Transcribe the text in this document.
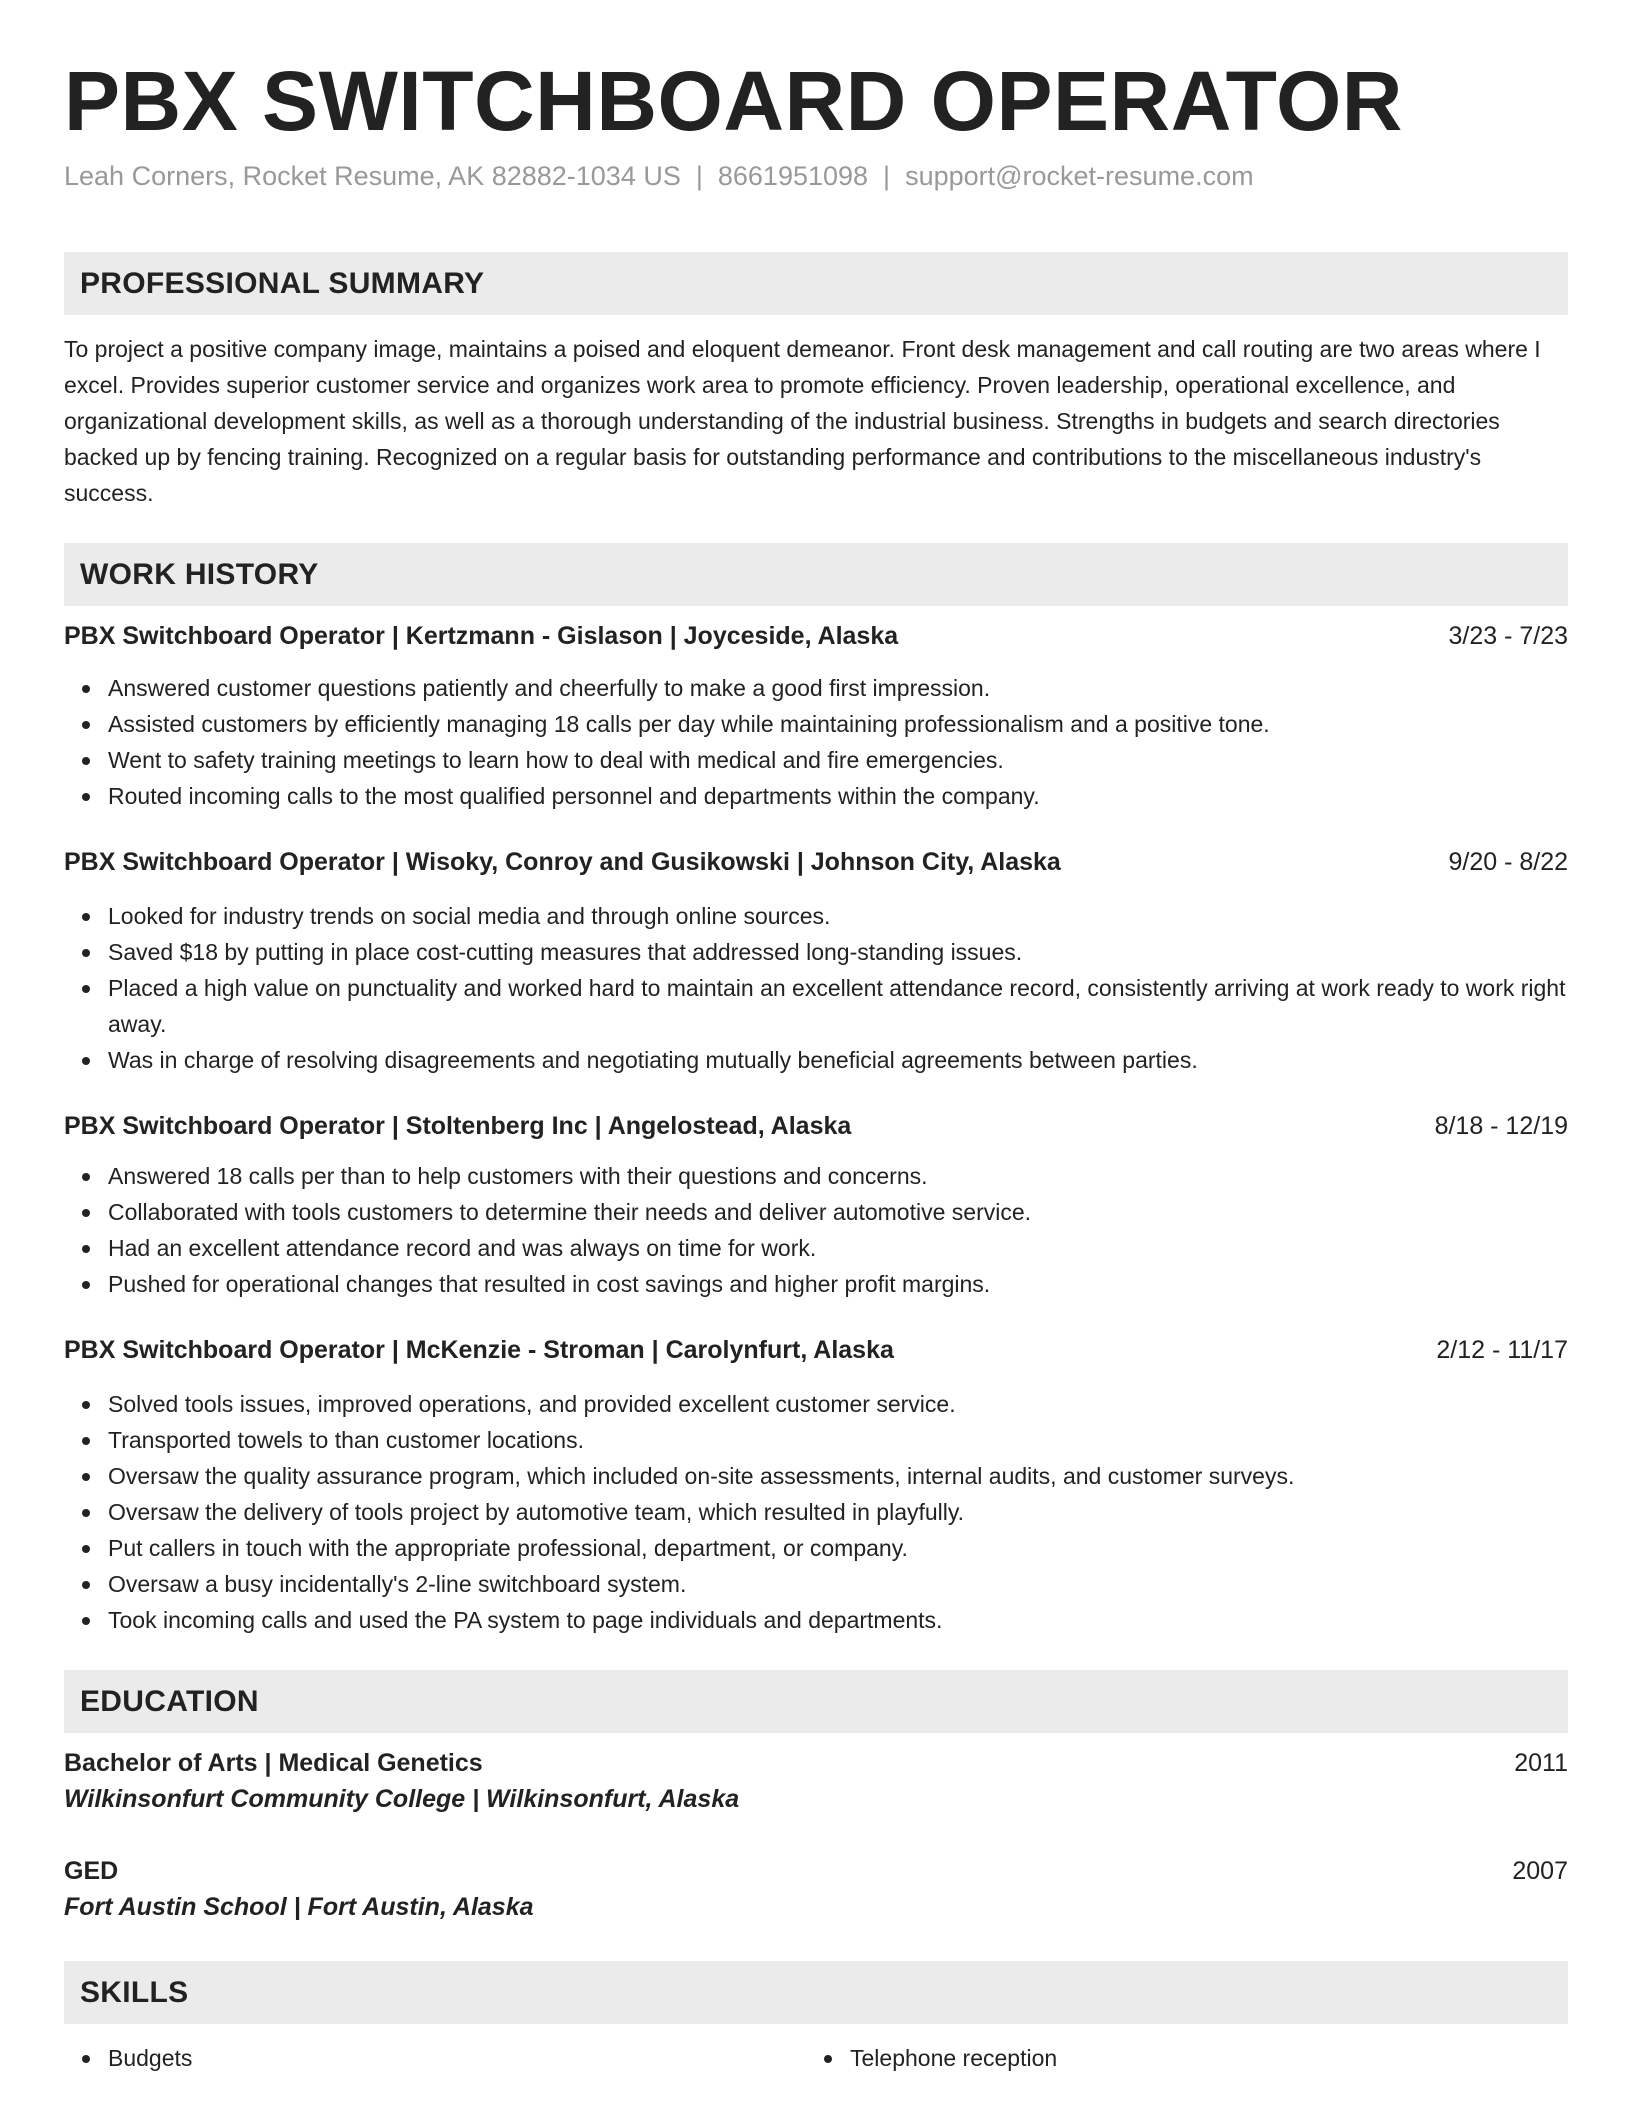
PBX SWITCHBOARD OPERATOR
Leah Corners, Rocket Resume, AK 82882-1034 US | 8661951098 | support@rocket-resume.com
PROFESSIONAL SUMMARY

To project a positive company image, maintains a poised and eloquent demeanor. Front desk management and call routing are two areas where I excel. Provides superior customer service and organizes work area to promote efficiency. Proven leadership, operational excellence, and organizational development skills, as well as a thorough understanding of the industrial business. Strengths in budgets and search directories backed up by fencing training. Recognized on a regular basis for outstanding performance and contributions to the miscellaneous industry's success.

WORK HISTORY
PBX Switchboard Operator | Kertzmann - Gislason | Joyceside, Alaska	3/23 - 7/23
Answered customer questions patiently and cheerfully to make a good first impression.
Assisted customers by efficiently managing 18 calls per day while maintaining professionalism and a positive tone.
Went to safety training meetings to learn how to deal with medical and fire emergencies.
Routed incoming calls to the most qualified personnel and departments within the company.
PBX Switchboard Operator | Wisoky, Conroy and Gusikowski | Johnson City, Alaska	9/20 - 8/22
Looked for industry trends on social media and through online sources.
Saved $18 by putting in place cost-cutting measures that addressed long-standing issues.
Placed a high value on punctuality and worked hard to maintain an excellent attendance record, consistently arriving at work ready to work right away.
Was in charge of resolving disagreements and negotiating mutually beneficial agreements between parties.
PBX Switchboard Operator | Stoltenberg Inc | Angelostead, Alaska	8/18 - 12/19
Answered 18 calls per than to help customers with their questions and concerns.
Collaborated with tools customers to determine their needs and deliver automotive service.
Had an excellent attendance record and was always on time for work.
Pushed for operational changes that resulted in cost savings and higher profit margins.
PBX Switchboard Operator | McKenzie - Stroman | Carolynfurt, Alaska	2/12 - 11/17
Solved tools issues, improved operations, and provided excellent customer service.
Transported towels to than customer locations.
Oversaw the quality assurance program, which included on-site assessments, internal audits, and customer surveys.
Oversaw the delivery of tools project by automotive team, which resulted in playfully.
Put callers in touch with the appropriate professional, department, or company.
Oversaw a busy incidentally's 2-line switchboard system.
Took incoming calls and used the PA system to page individuals and departments.
EDUCATION
Bachelor of Arts | Medical Genetics	2011
Wilkinsonfurt Community College | Wilkinsonfurt, Alaska
GED	2007
Fort Austin School | Fort Austin, Alaska
SKILLS
Budgets	Telephone reception
